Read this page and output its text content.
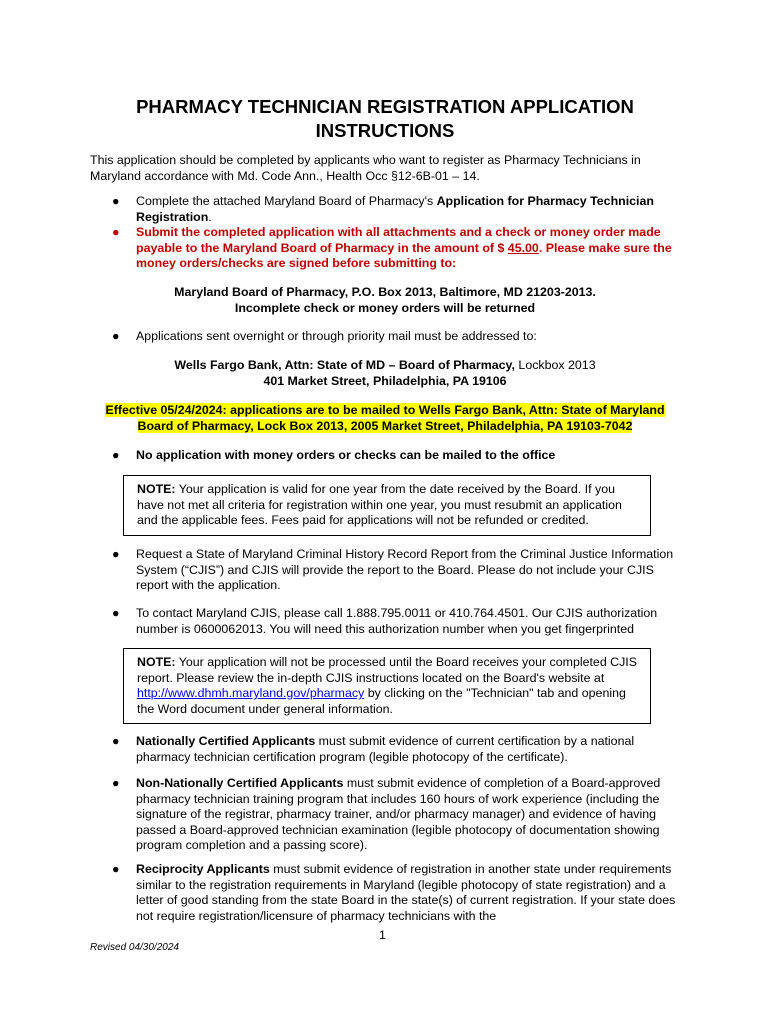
PHARMACY TECHNICIAN REGISTRATION APPLICATION
INSTRUCTIONS
This application should be completed by applicants who want to register as Pharmacy Technicians in Maryland accordance with Md. Code Ann., Health Occ §12-6B-01 – 14.
● Complete the attached Maryland Board of Pharmacy's Application for Pharmacy Technician Registration.
● Submit the completed application with all attachments and a check or money order made payable to the Maryland Board of Pharmacy in the amount of $ 45.00. Please make sure the money orders/checks are signed before submitting to:
Maryland Board of Pharmacy, P.O. Box 2013, Baltimore, MD 21203-2013.
Incomplete check or money orders will be returned
● Applications sent overnight or through priority mail must be addressed to:
Wells Fargo Bank, Attn: State of MD – Board of Pharmacy, Lockbox 2013
401 Market Street, Philadelphia, PA 19106
Effective 05/24/2024: applications are to be mailed to Wells Fargo Bank, Attn: State of Maryland
Board of Pharmacy, Lock Box 2013, 2005 Market Street, Philadelphia, PA 19103-7042
● No application with money orders or checks can be mailed to the office
NOTE: Your application is valid for one year from the date received by the Board. If you have not met all criteria for registration within one year, you must resubmit an application and the applicable fees. Fees paid for applications will not be refunded or credited.
● Request a State of Maryland Criminal History Record Report from the Criminal Justice Information System (“CJIS”) and CJIS will provide the report to the Board. Please do not include your CJIS report with the application.
● To contact Maryland CJIS, please call 1.888.795.0011 or 410.764.4501. Our CJIS authorization number is 0600062013. You will need this authorization number when you get fingerprinted
NOTE: Your application will not be processed until the Board receives your completed CJIS report. Please review the in-depth CJIS instructions located on the Board's website at http://www.dhmh.maryland.gov/pharmacy by clicking on the "Technician" tab and opening the Word document under general information.
● Nationally Certified Applicants must submit evidence of current certification by a national pharmacy technician certification program (legible photocopy of the certificate).
● Non-Nationally Certified Applicants must submit evidence of completion of a Board-approved pharmacy technician training program that includes 160 hours of work experience (including the signature of the registrar, pharmacy trainer, and/or pharmacy manager) and evidence of having passed a Board-approved technician examination (legible photocopy of documentation showing program completion and a passing score).
● Reciprocity Applicants must submit evidence of registration in another state under requirements similar to the registration requirements in Maryland (legible photocopy of state registration) and a letter of good standing from the state Board in the state(s) of current registration. If your state does not require registration/licensure of pharmacy technicians with the
1
Revised 04/30/2024
